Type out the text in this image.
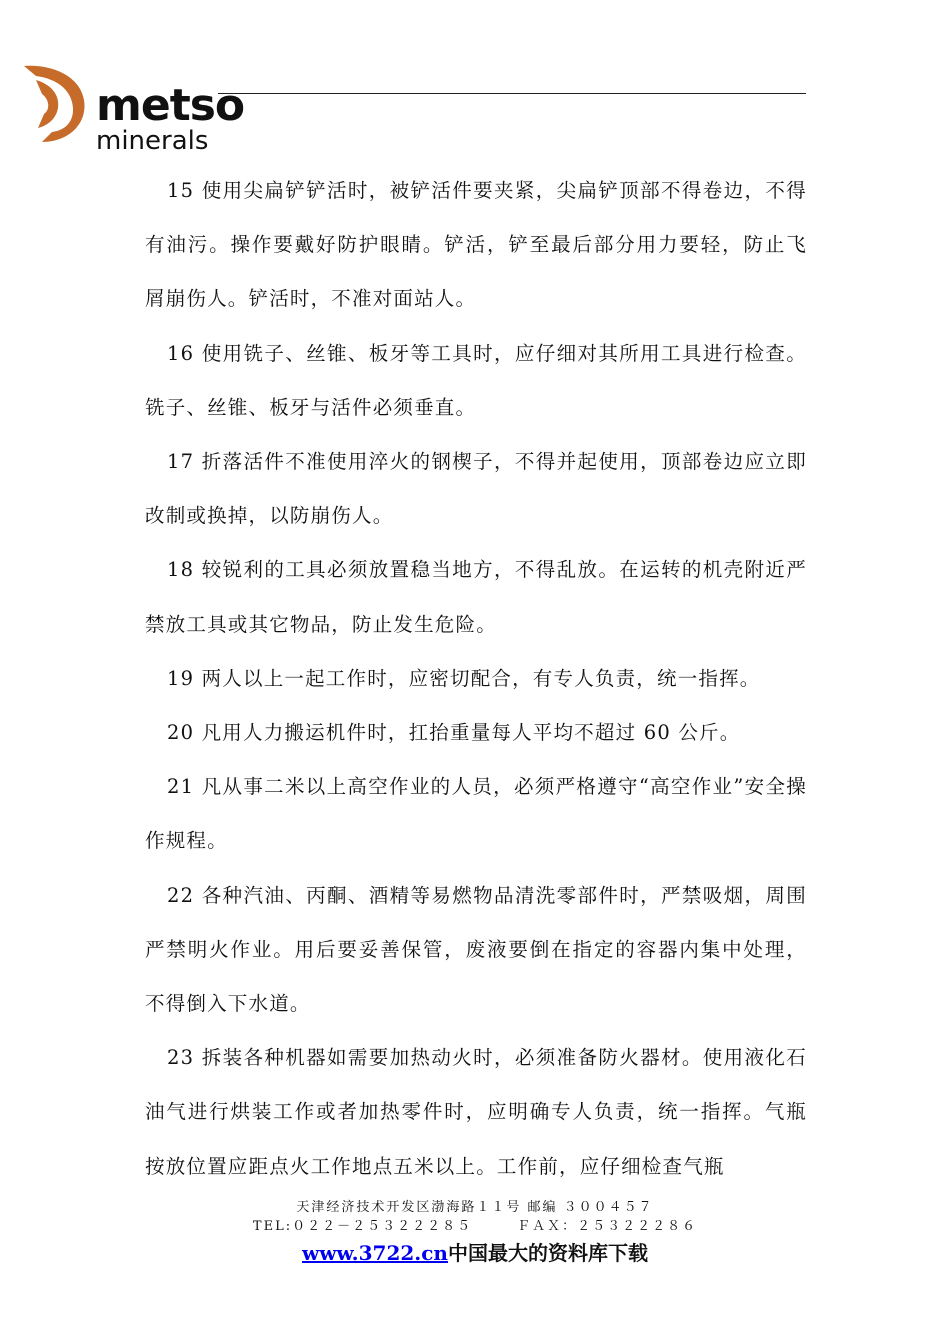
metso
minerals

15 使用尖扁铲铲活时，被铲活件要夹紧，尖扁铲顶部不得卷边，不得有油污。操作要戴好防护眼睛。铲活，铲至最后部分用力要轻，防止飞屑崩伤人。铲活时，不准对面站人。

16 使用铣子、丝锥、板牙等工具时，应仔细对其所用工具进行检查。铣子、丝锥、板牙与活件必须垂直。

17 折落活件不准使用淬火的钢楔子，不得并起使用，顶部卷边应立即改制或换掉，以防崩伤人。

18 较锐利的工具必须放置稳当地方，不得乱放。在运转的机壳附近严禁放工具或其它物品，防止发生危险。

19 两人以上一起工作时，应密切配合，有专人负责，统一指挥。

20 凡用人力搬运机件时，扛抬重量每人平均不超过 60 公斤。

21 凡从事二米以上高空作业的人员，必须严格遵守“高空作业”安全操作规程。

22 各种汽油、丙酮、酒精等易燃物品清洗零部件时，严禁吸烟，周围严禁明火作业。用后要妥善保管，废液要倒在指定的容器内集中处理，不得倒入下水道。

23 拆装各种机器如需要加热动火时，必须准备防火器材。使用液化石油气进行烘装工作或者加热零件时，应明确专人负责，统一指挥。气瓶按放位置应距点火工作地点五米以上。工作前，应仔细检查气瓶

天津经济技术开发区渤海路１１号 邮编 ３００４５７
TEL:０２２－２５３２２２８５　　　ＦＡＸ：２５３２２２８６
www.3722.cn中国最大的资料库下载
